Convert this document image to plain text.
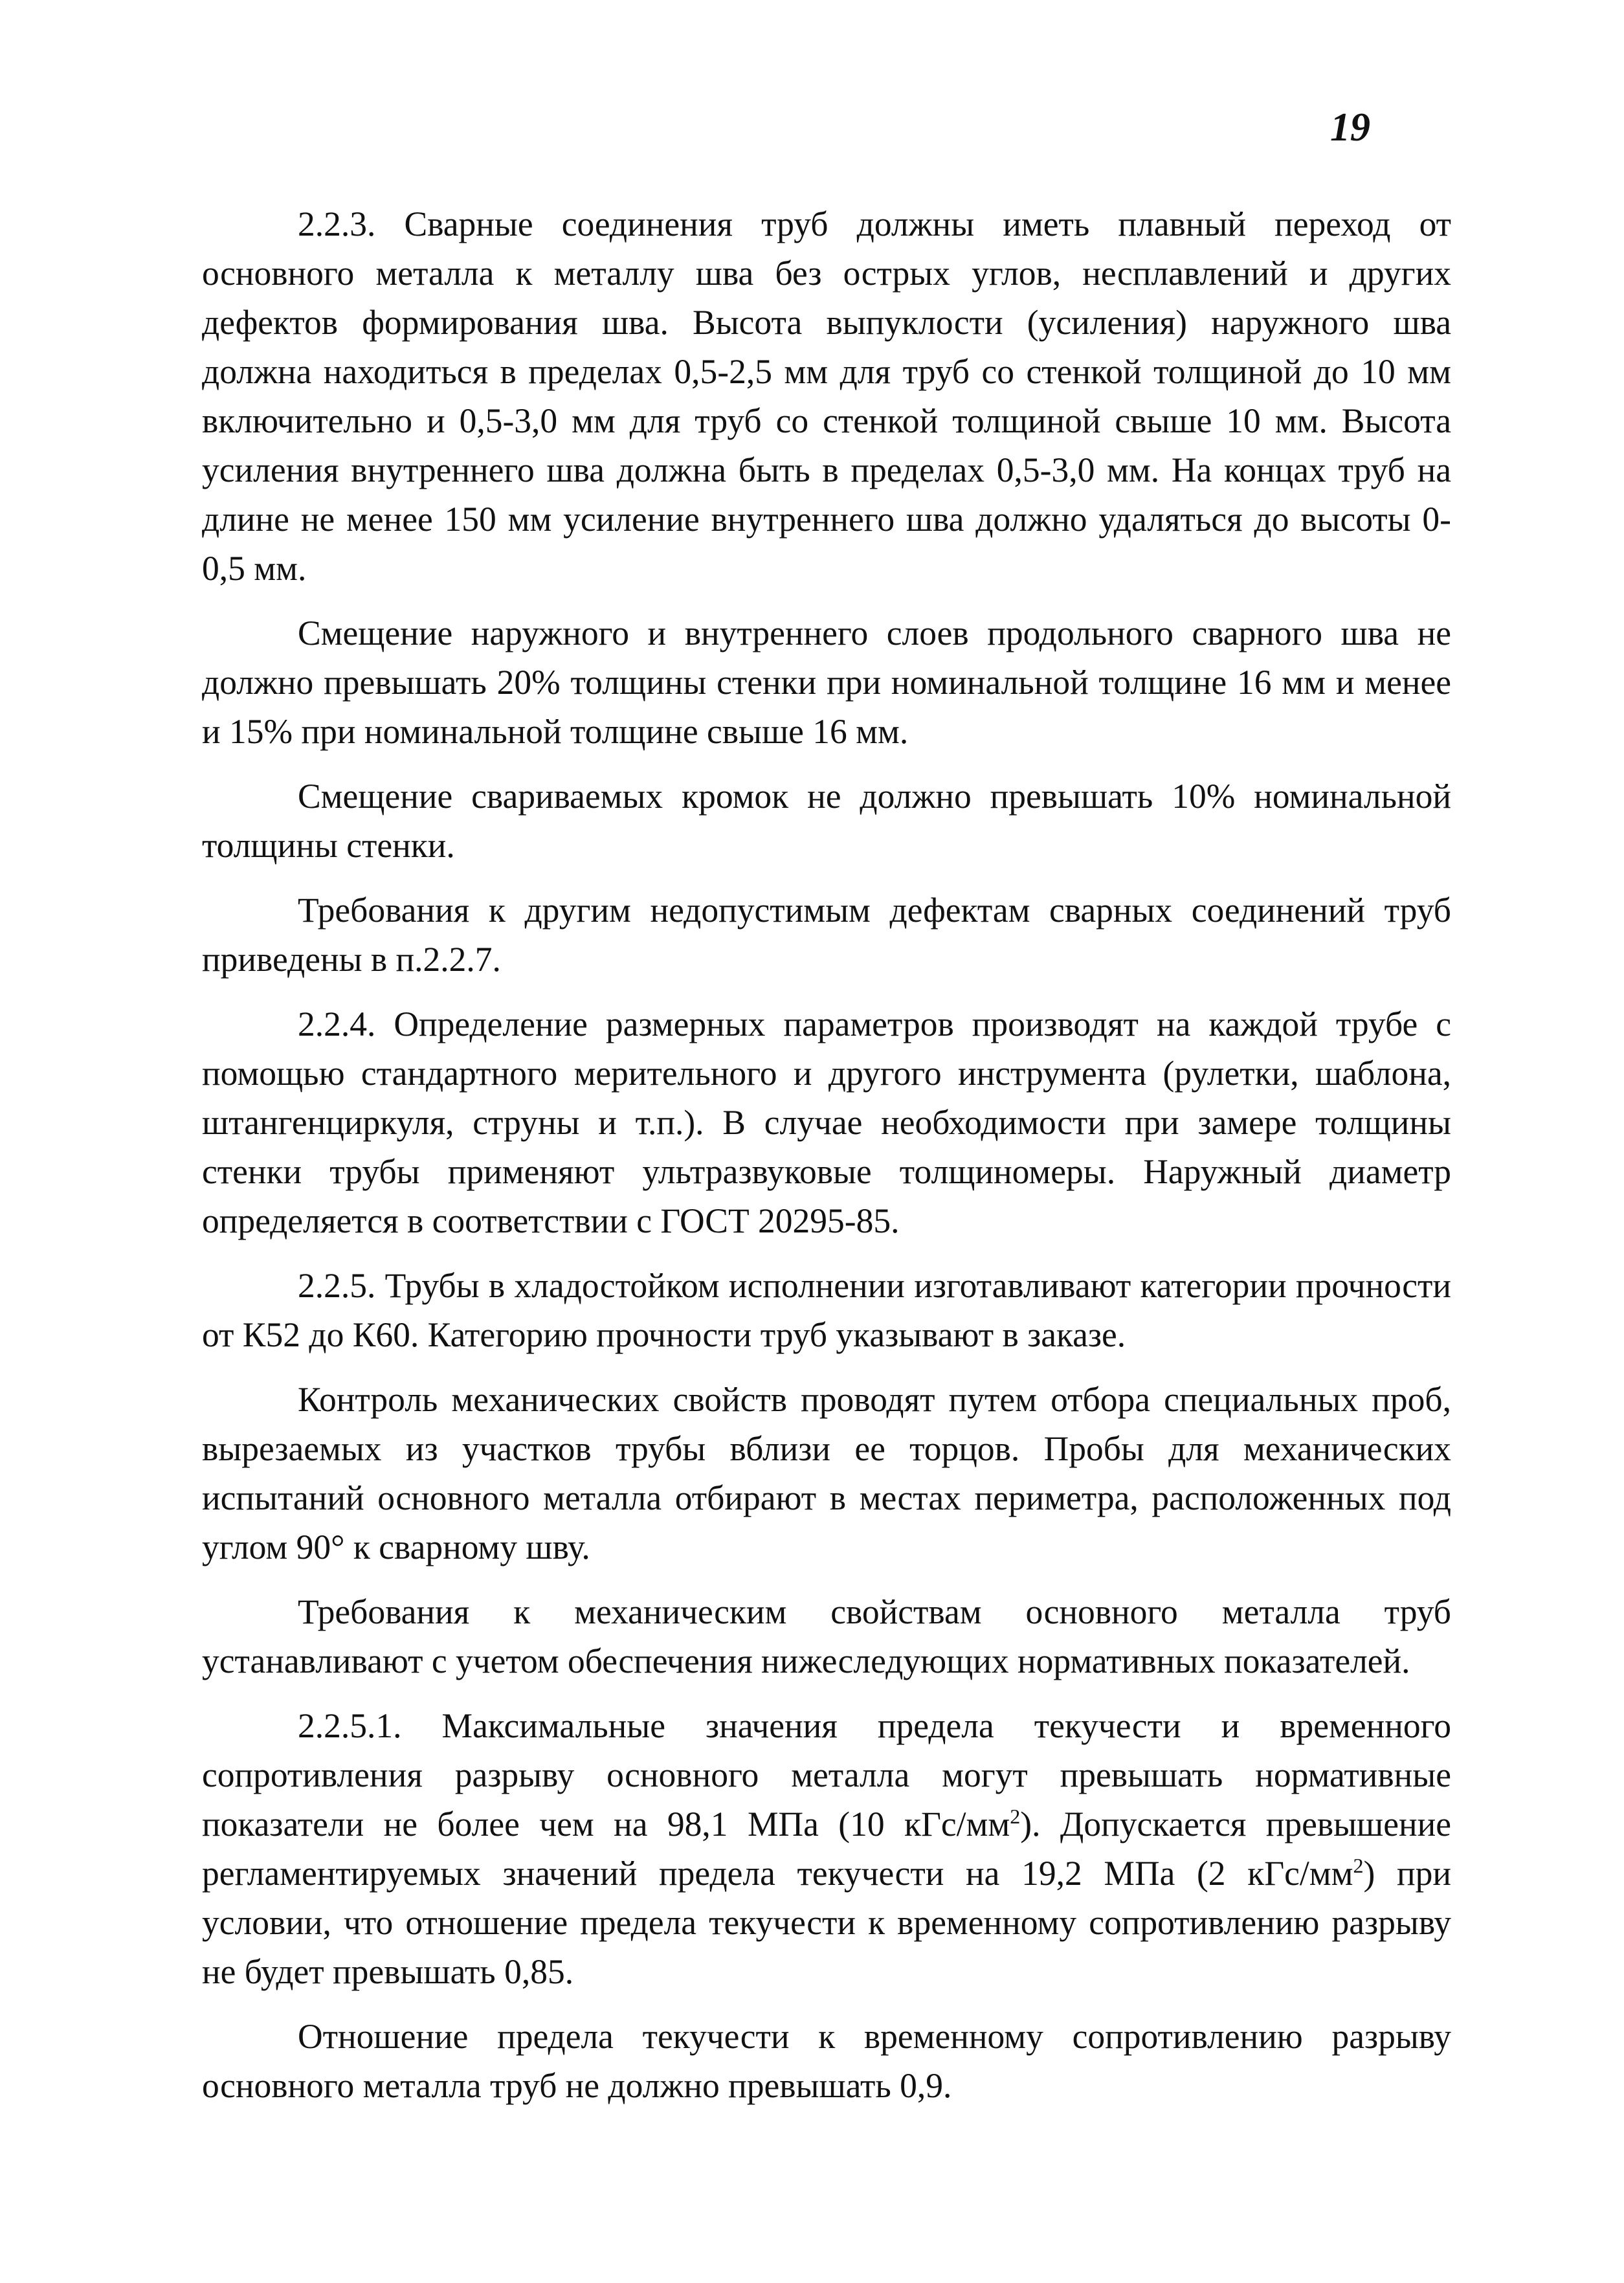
19

2.2.3. Сварные соединения труб должны иметь плавный переход от основного металла к металлу шва без острых углов, несплавлений и других дефектов формирования шва. Высота выпуклости (усиления) наружного шва должна находиться в пределах 0,5-2,5 мм для труб со стенкой толщиной до 10 мм включительно и 0,5-3,0 мм для труб со стенкой толщиной свыше 10 мм. Высота усиления внутреннего шва должна быть в пределах 0,5-3,0 мм. На концах труб на длине не менее 150 мм усиление внутреннего шва должно удаляться до высоты 0-0,5 мм.

Смещение наружного и внутреннего слоев продольного сварного шва не должно превышать 20% толщины стенки при номинальной толщине 16 мм и менее и 15% при номинальной толщине свыше 16 мм.

Смещение свариваемых кромок не должно превышать 10% номинальной толщины стенки.

Требования к другим недопустимым дефектам сварных соединений труб приведены в п.2.2.7.

2.2.4. Определение размерных параметров производят на каждой трубе с помощью стандартного мерительного и другого инструмента (рулетки, шаблона, штангенциркуля, струны и т.п.). В случае необходимости при замере толщины стенки трубы применяют ультразвуковые толщиномеры. Наружный диаметр определяется в соответствии с ГОСТ 20295-85.

2.2.5. Трубы в хладостойком исполнении изготавливают категории прочности от К52 до К60. Категорию прочности труб указывают в заказе.

Контроль механических свойств проводят путем отбора специальных проб, вырезаемых из участков трубы вблизи ее торцов. Пробы для механических испытаний основного металла отбирают в местах периметра, расположенных под углом 90° к сварному шву.

Требования к механическим свойствам основного металла труб устанавливают с учетом обеспечения нижеследующих нормативных показателей.

2.2.5.1. Максимальные значения предела текучести и временного сопротивления разрыву основного металла могут превышать нормативные показатели не более чем на 98,1 МПа (10 кГс/$мм^2$). Допускается превышение регламентируемых значений предела текучести на 19,2 МПа (2 кГс/$мм^2$) при условии, что отношение предела текучести к временному сопротивлению разрыву не будет превышать 0,85.

Отношение предела текучести к временному сопротивлению разрыву основного металла труб не должно превышать 0,9.
